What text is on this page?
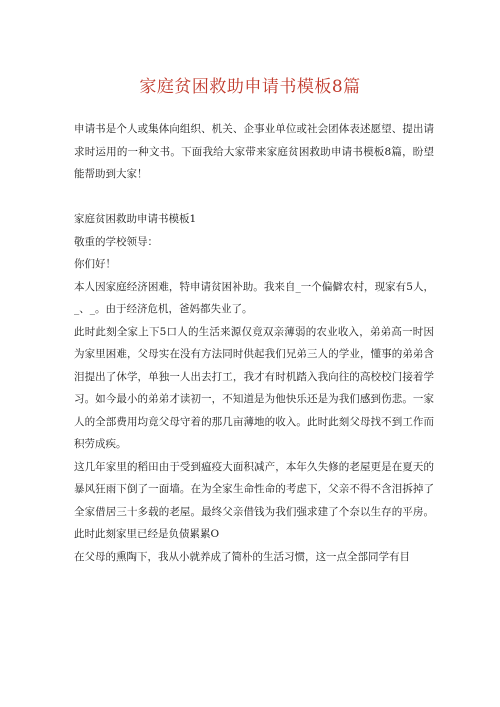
家庭贫困救助申请书模板8篇

申请书是个人或集体向组织、机关、企事业单位或社会团体表述愿望、提出请求时运用的一种文书。下面我给大家带来家庭贫困救助申请书模板8篇，盼望能帮助到大家！

家庭贫困救助申请书模板1

敬重的学校领导：

你们好！

本人因家庭经济困难，特申请贫困补助。我来自_一个偏僻农村，现家有5人，_、_。由于经济危机，爸妈都失业了。

此时此刻全家上下5口人的生活来源仅竟双亲薄弱的农业收入，弟弟高一时因为家里困难，父母实在没有方法同时供起我们兄弟三人的学业，懂事的弟弟含泪提出了休学，单独一人出去打工，我才有时机踏入我向往的高校校门接着学习。如今最小的弟弟才读初一，不知道是为他快乐还是为我们感到伤悲。一家人的全部费用均竟父母守着的那几亩薄地的收入。此时此刻父母找不到工作而积劳成疾。

这几年家里的稻田由于受到瘟疫大面积减产，本年久失修的老屋更是在夏天的暴风狂雨下倒了一面墙。在为全家生命性命的考虑下，父亲不得不含泪拆掉了全家借居三十多载的老屋。最终父亲借钱为我们强求建了个奈以生存的平房。此时此刻家里已经是负债累累O

在父母的熏陶下，我从小就养成了简朴的生活习惯，这一点全部同学有目
